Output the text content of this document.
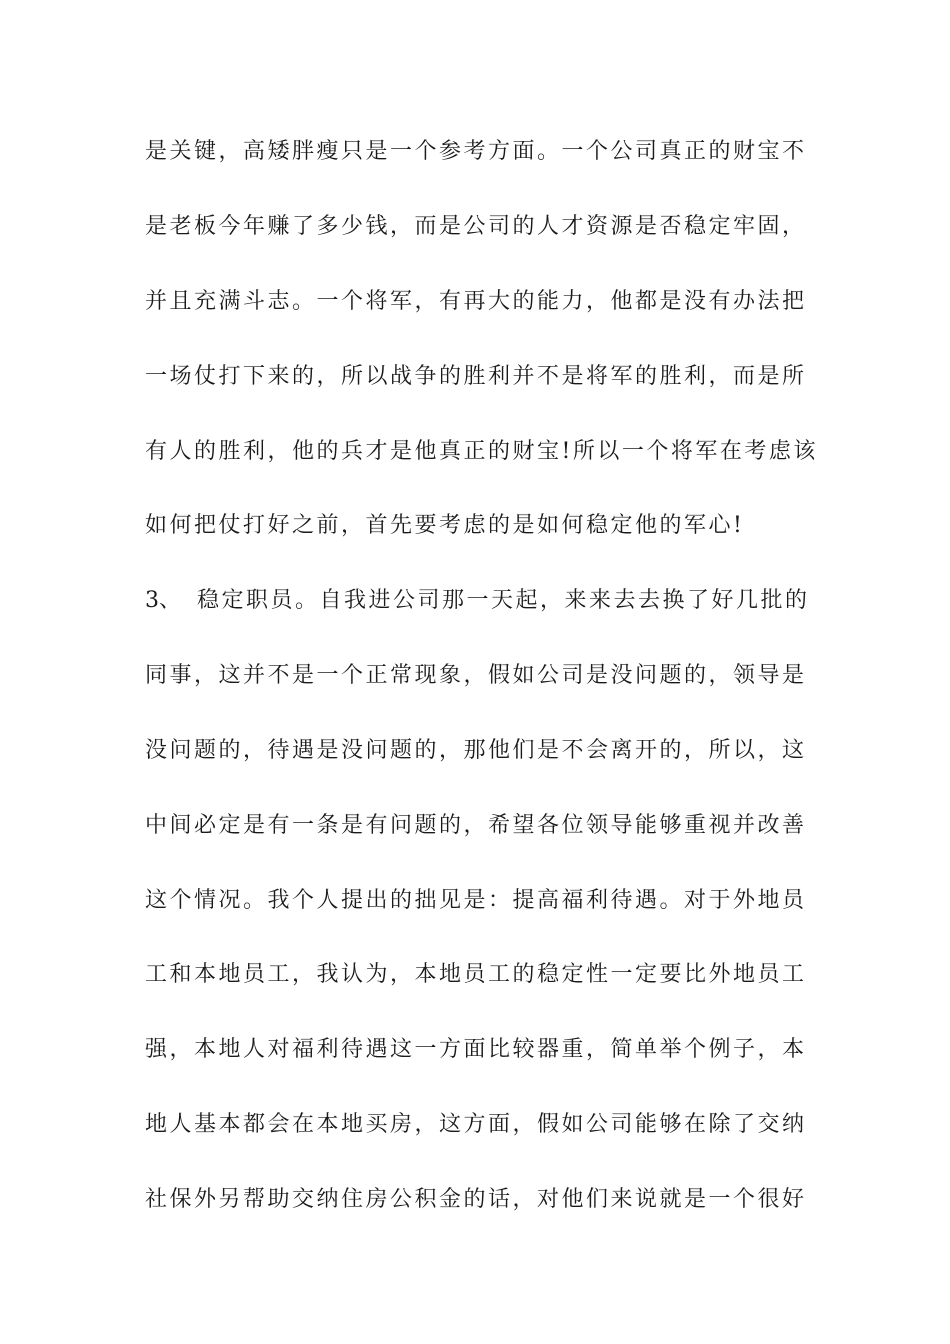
是关键，高矮胖瘦只是一个参考方面。一个公司真正的财宝不
是老板今年赚了多少钱，而是公司的人才资源是否稳定牢固，
并且充满斗志。一个将军，有再大的能力，他都是没有办法把
一场仗打下来的，所以战争的胜利并不是将军的胜利，而是所
有人的胜利，他的兵才是他真正的财宝!所以一个将军在考虑该
如何把仗打好之前，首先要考虑的是如何稳定他的军心!
3、 稳定职员。自我进公司那一天起，来来去去换了好几批的
同事，这并不是一个正常现象，假如公司是没问题的，领导是
没问题的，待遇是没问题的，那他们是不会离开的，所以，这
中间必定是有一条是有问题的，希望各位领导能够重视并改善
这个情况。我个人提出的拙见是：提高福利待遇。对于外地员
工和本地员工，我认为，本地员工的稳定性一定要比外地员工
强，本地人对福利待遇这一方面比较器重，简单举个例子，本
地人基本都会在本地买房，这方面，假如公司能够在除了交纳
社保外另帮助交纳住房公积金的话，对他们来说就是一个很好
